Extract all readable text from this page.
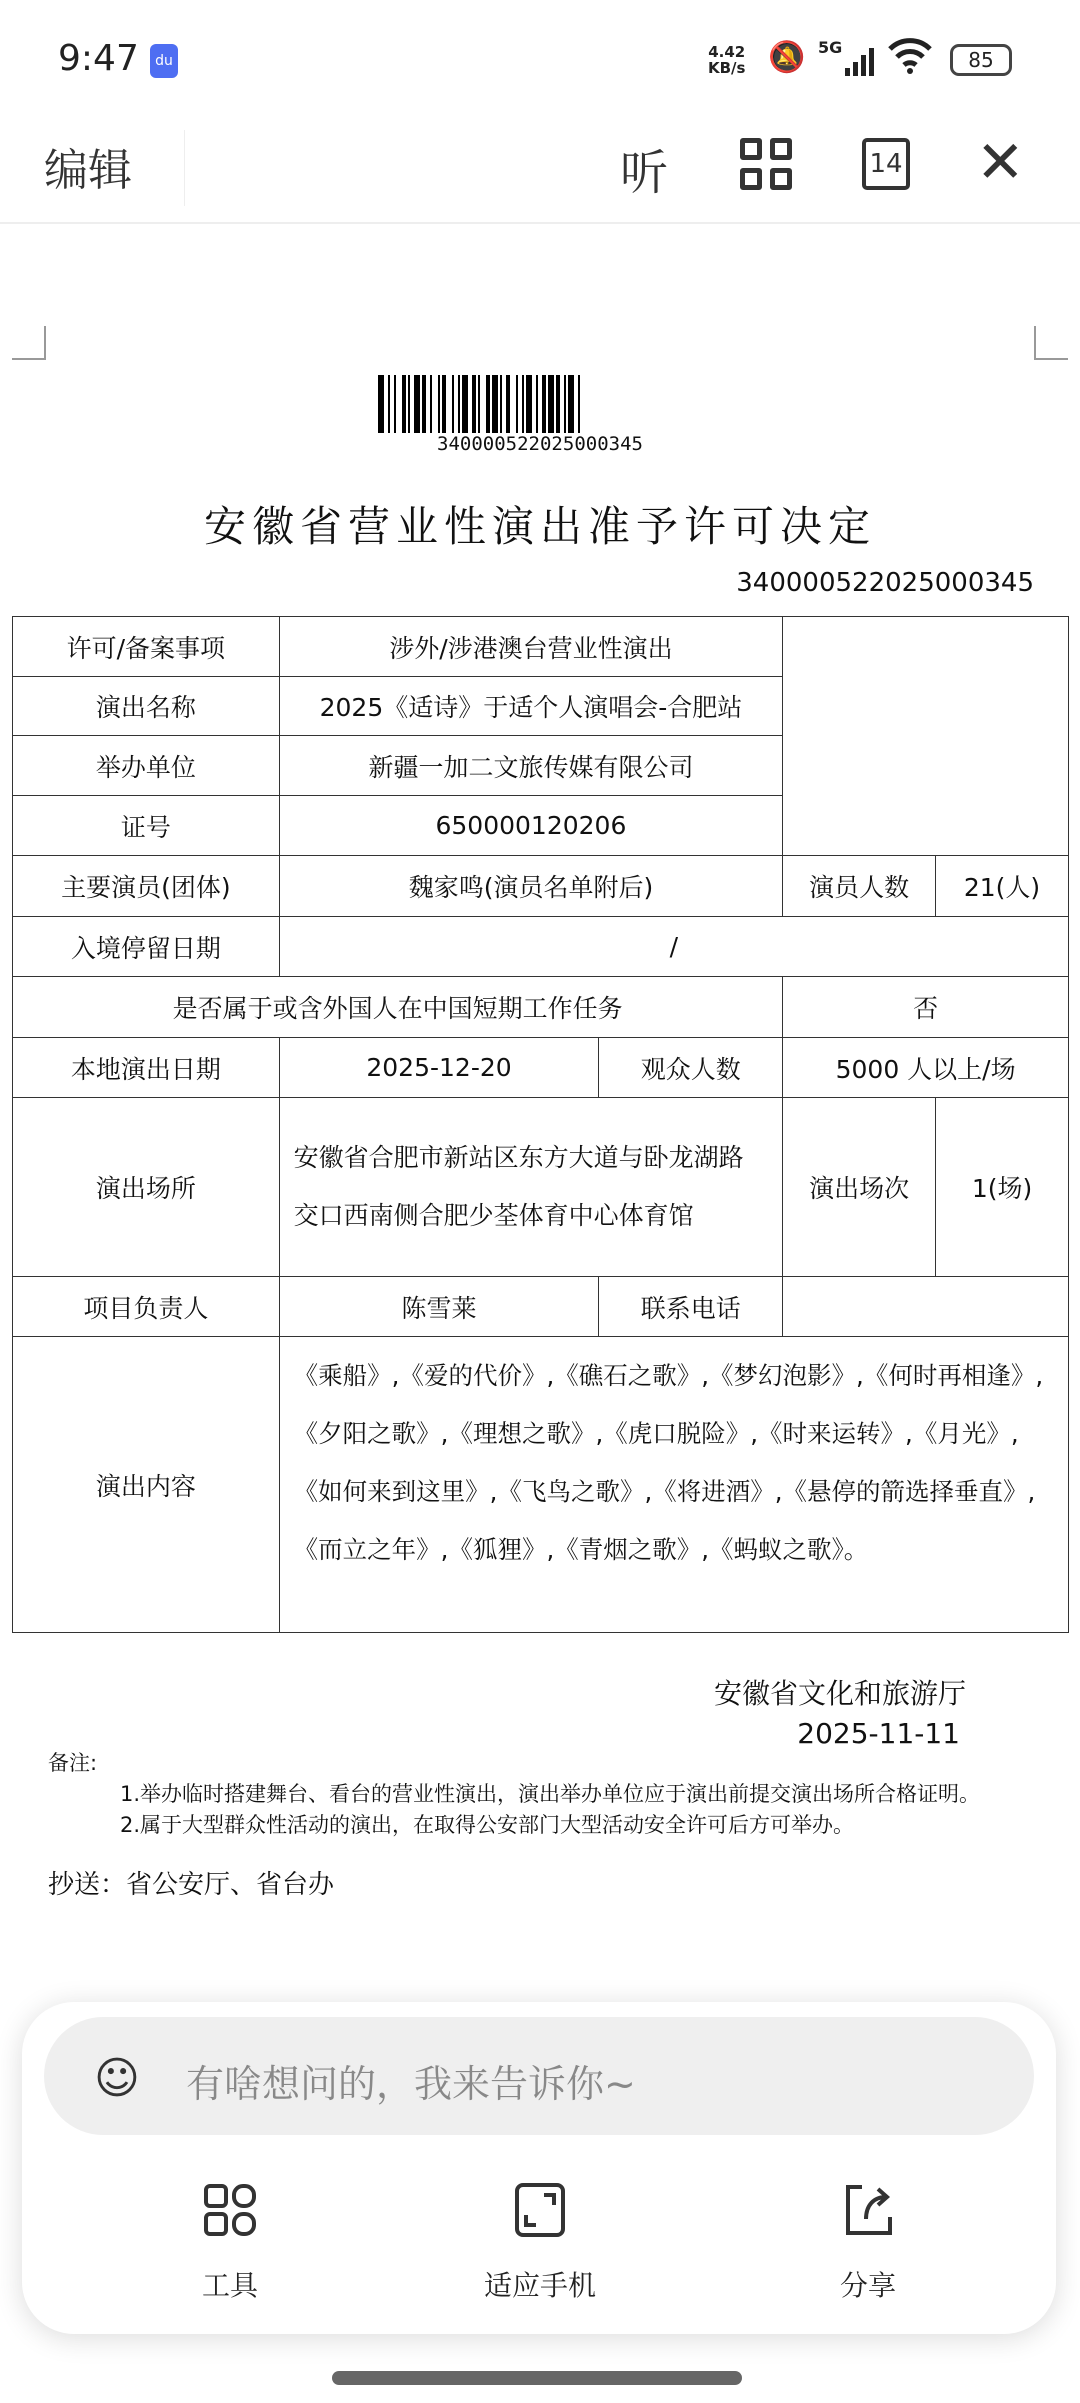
9:47	du	4.42
KB/s 🔕 5G
85
编辑	听	14 ✕
340000522025000345
安徽省营业性演出准予许可决定
340000522025000345
许可/备案事项	涉外/涉港澳台营业性演出			
演出名称	2025《适诗》于适个人演唱会-合肥站			
举办单位	新疆一加二文旅传媒有限公司			
证号	650000120206			
主要演员(团体)	魏家鸣(演员名单附后)		演员人数	21(人)
入境停留日期	/			
是否属于或含外国人在中国短期工作任务			否	
本地演出日期	2025-12-20	观众人数	5000 人以上/场	
演出场所	安徽省合肥市新站区东方大道与卧龙湖路交口西南侧合肥少荃体育中心体育馆		演出场次	1(场)
项目负责人	陈雪莱	联系电话		
演出内容	《乘船》,《爱的代价》,《礁石之歌》,《梦幻泡影》,《何时再相逢》,《夕阳之歌》,《理想之歌》,《虎口脱险》,《时来运转》,《月光》,《如何来到这里》,《飞鸟之歌》,《将进酒》,《悬停的箭选择垂直》,《而立之年》,《狐狸》,《青烟之歌》,《蚂蚁之歌》。			
安徽省文化和旅游厅
2025-11-11
备注:
1.举办临时搭建舞台、看台的营业性演出，演出举办单位应于演出前提交演出场所合格证明。
2.属于大型群众性活动的演出，在取得公安部门大型活动安全许可后方可举办。
抄送：省公安厅、省台办
☺ 有啥想问的，我来告诉你~
工具	适应手机	分享
